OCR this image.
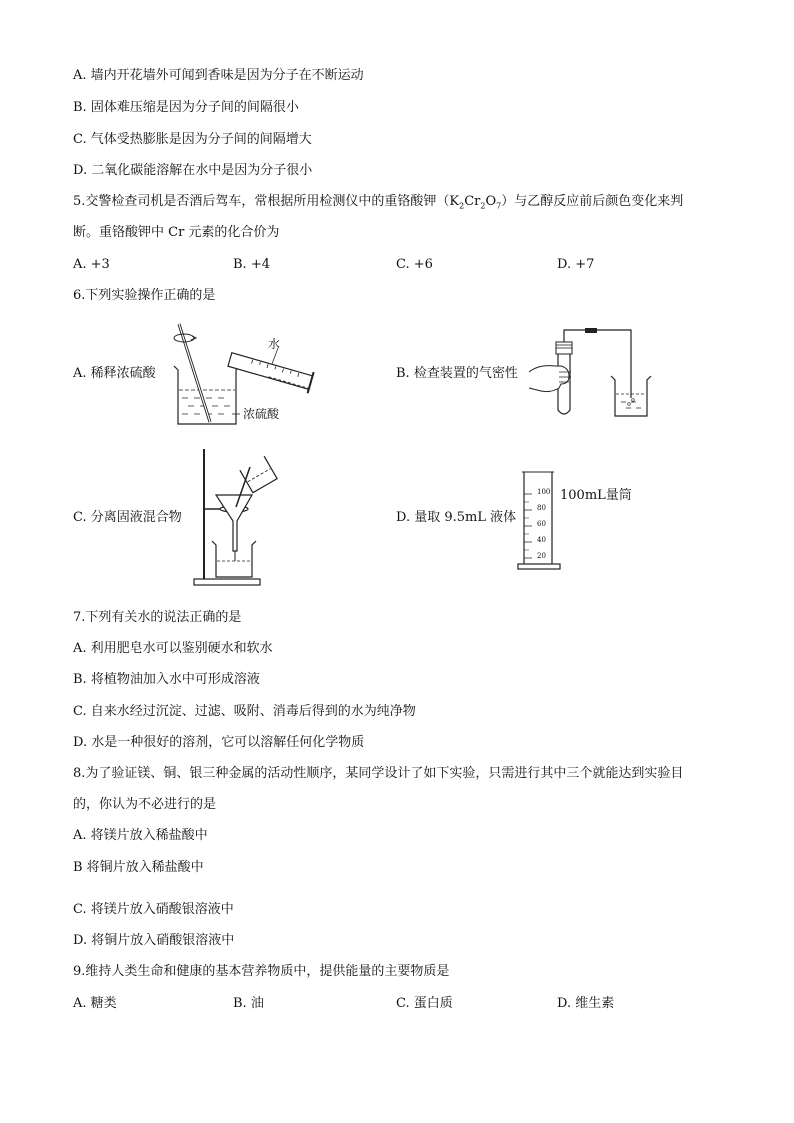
A. 墙内开花墙外可闻到香味是因为分子在不断运动
B. 固体难压缩是因为分子间的间隔很小
C. 气体受热膨胀是因为分子间的间隔增大
D. 二氧化碳能溶解在水中是因为分子很小
5.交警检查司机是否酒后驾车，常根据所用检测仪中的重铬酸钾$(K_2Cr_2O_7)$与乙醇反应前后颜色变化来判
断。重铬酸钾中 Cr 元素的化合价为
A. +3	B. +4	C. +6	D. +7
6.下列实验操作正确的是
A. 稀释浓硫酸
水
浓硫酸
B. 检查装置的气密性
C. 分离固液混合物	D. 量取 9.5mL 液体
100
80
60
40
20
100mL量筒
7.下列有关水的说法正确的是
A. 利用肥皂水可以鉴别硬水和软水
B. 将植物油加入水中可形成溶液
C. 自来水经过沉淀、过滤、吸附、消毒后得到的水为纯净物
D. 水是一种很好的溶剂，它可以溶解任何化学物质
8.为了验证镁、铜、银三种金属的活动性顺序，某同学设计了如下实验，只需进行其中三个就能达到实验目
的，你认为不必进行的是
A. 将镁片放入稀盐酸中
B 将铜片放入稀盐酸中
C. 将镁片放入硝酸银溶液中
D. 将铜片放入硝酸银溶液中
9.维持人类生命和健康的基本营养物质中，提供能量的主要物质是
A. 糖类	B. 油	C. 蛋白质	D. 维生素
